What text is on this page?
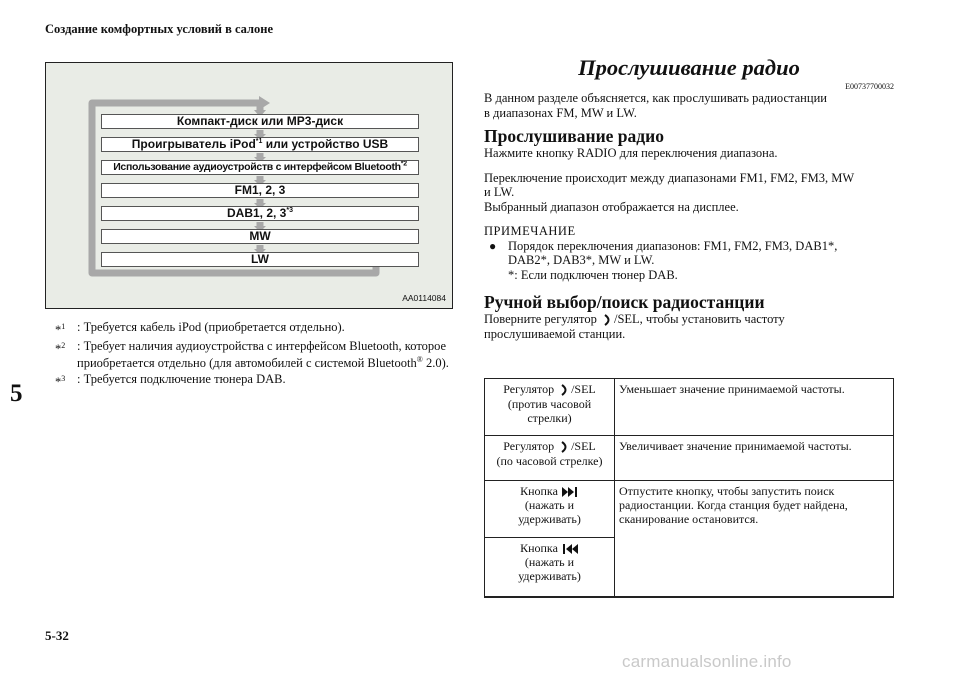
Создание комфортных условий в салоне
5
5-32
carmanualsonline.info
Компакт-диск или MP3-диск
Проигрыватель iPod$^{*1}$ или устройство USB
Использование аудиоустройств с интерфейсом Bluetooth$^{*2}$
FM1, 2, 3
DAB1, 2, 3$^{*3}$
MW
LW
AA0114084
*$^1$ : Требуется кабель iPod (приобретается отдельно).
*$^2$ : Требует наличия аудиоустройства с интерфейсом Bluetooth, которое приобретается отдельно (для автомобилей с системой Bluetooth® 2.0).
*$^3$ : Требуется подключение тюнера DAB.
Прослушивание радио
E00737700032

В данном разделе объясняется, как прослушивать радиостанции

в диапазонах FM, MW и LW.

Прослушивание радио

Нажмите кнопку RADIO для переключения диапазона.

Переключение происходит между диапазонами FM1, FM2, FM3, MW

и LW.

Выбранный диапазон отображается на дисплее.

ПРИМЕЧАНИЕ
● Порядок переключения диапазонов: FM1, FM2, FM3, DAB1*,
DAB2*, DAB3*, MW и LW.
*: Если подключен тюнер DAB.
Ручной выбор/поиск радиостанции

Поверните регулятор /SEL, чтобы установить частоту

прослушиваемой станции.

Регулятор /SEL
(против часовой
стрелки)	Уменьшает значение принимаемой частоты.
Регулятор /SEL
(по часовой стрелке)	Увеличивает значение принимаемой частоты.
Кнопка
(нажать и
удерживать)	Отпустите кнопку, чтобы запустить поиск радиостанции. Когда станция будет найдена, сканирование остановится.
Кнопка
(нажать и
удерживать)	
